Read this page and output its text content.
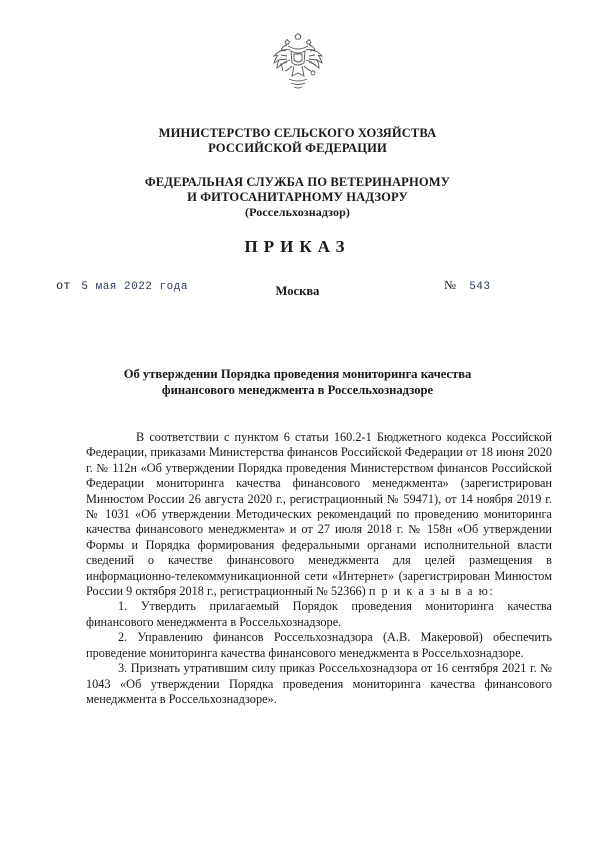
МИНИСТЕРСТВО СЕЛЬСКОГО ХОЗЯЙСТВА
РОССИЙСКОЙ ФЕДЕРАЦИИ
ФЕДЕРАЛЬНАЯ СЛУЖБА ПО ВЕТЕРИНАРНОМУ
И ФИТОСАНИТАРНОМУ НАДЗОРУ
(Россельхознадзор)
ПРИКАЗ
от 5 мая 2022 года	Москва	№ 543
Об утверждении Порядка проведения мониторинга качества
финансового менеджмента в Россельхознадзоре

В соответствии с пунктом 6 статьи 160.2-1 Бюджетного кодекса Российской Федерации, приказами Министерства финансов Российской Федерации от 18 июня 2020 г. № 112н «Об утверждении Порядка проведения Министерством финансов Российской Федерации мониторинга качества финансового менеджмента» (зарегистрирован Минюстом России 26 августа 2020 г., регистрационный № 59471), от 14 ноября 2019 г. № 1031 «Об утверждении Методических рекомендаций по проведению мониторинга качества финансового менеджмента» и от 27 июля 2018 г. № 158н «Об утверждении Формы и Порядка формирования федеральными органами исполнительной власти сведений о качестве финансового менеджмента для целей размещения в информационно-телекоммуникационной сети «Интернет» (зарегистрирован Минюстом России 9 октября 2018 г., регистрационный № 52366) п р и к а з ы в а ю:

1. Утвердить прилагаемый Порядок проведения мониторинга качества финансового менеджмента в Россельхознадзоре.

2. Управлению финансов Россельхознадзора (А.В. Макеровой) обеспечить проведение мониторинга качества финансового менеджмента в Россельхознадзоре.

3. Признать утратившим силу приказ Россельхознадзора от 16 сентября 2021 г. № 1043 «Об утверждении Порядка проведения мониторинга качества финансового менеджмента в Россельхознадзоре».
